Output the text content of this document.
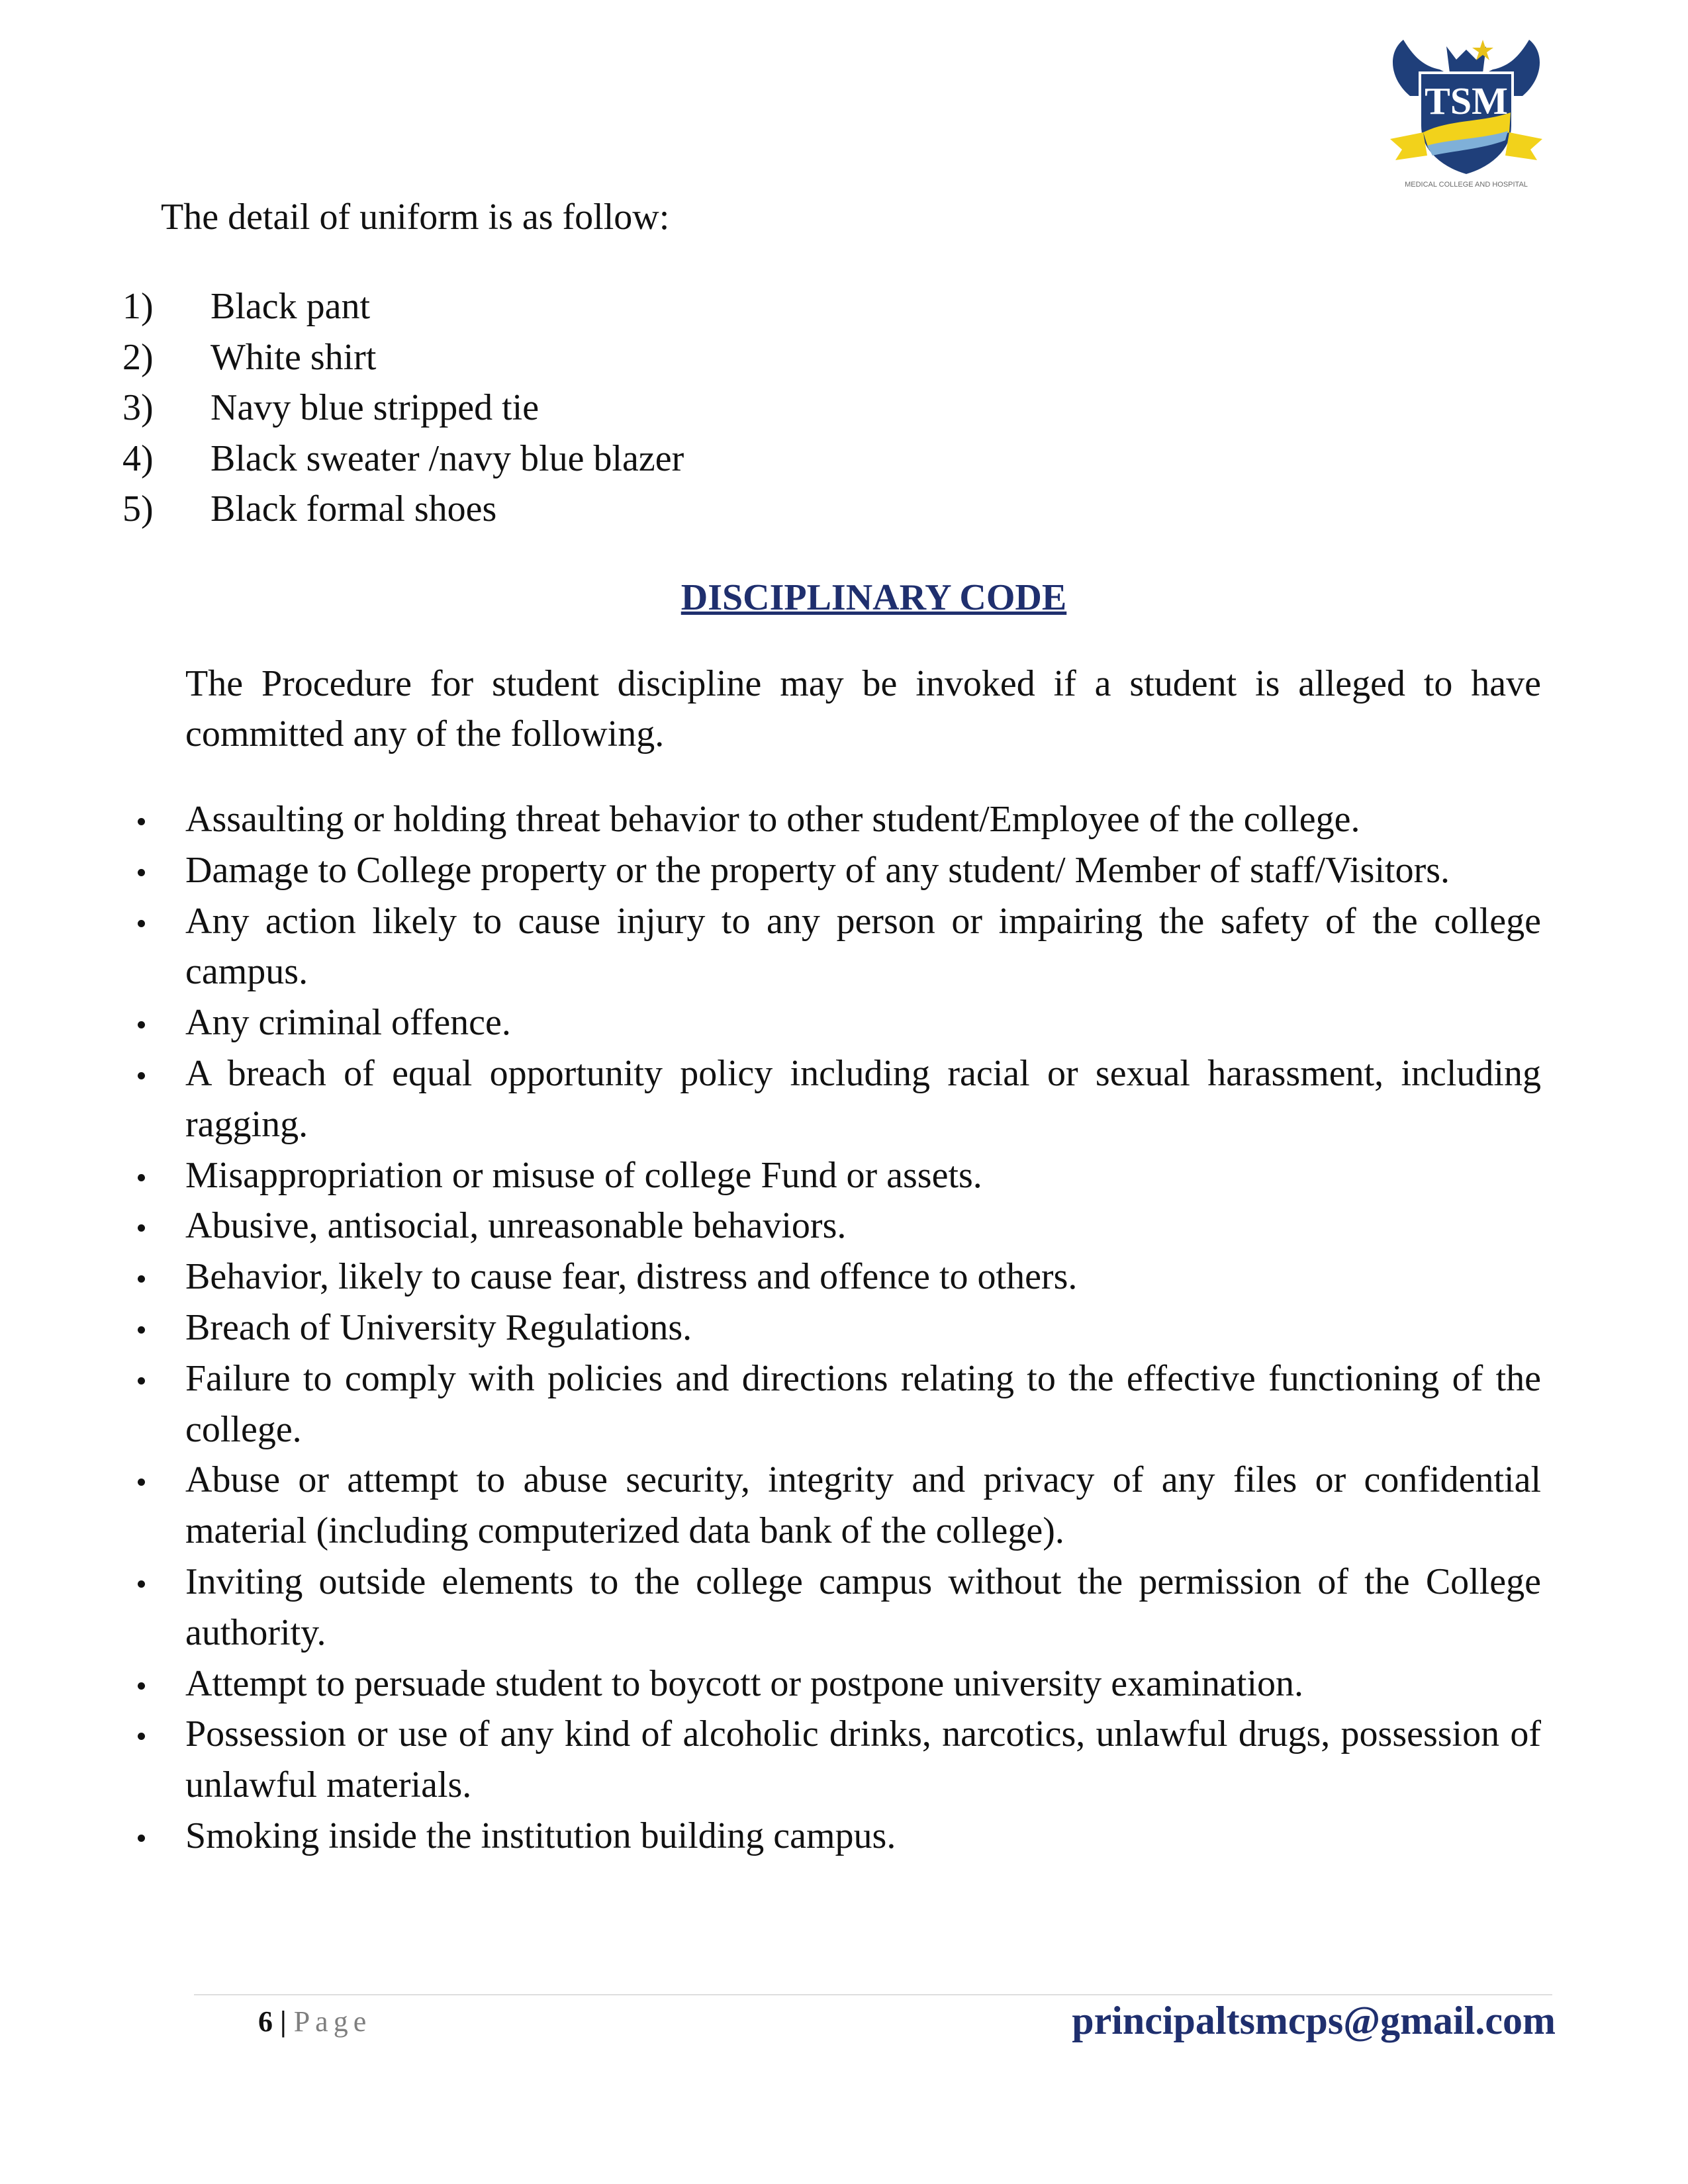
TSM
MEDICAL COLLEGE AND HOSPITAL

The detail of uniform is as follow:

1) Black pant
2) White shirt
3) Navy blue stripped tie
4) Black sweater /navy blue blazer
5) Black formal shoes
DISCIPLINARY CODE

The Procedure for student discipline may be invoked if a student is alleged to have committed any of the following.

Assaulting or holding threat behavior to other student/Employee of the college.
Damage to College property or the property of any student/ Member of staff/Visitors.
Any action likely to cause injury to any person or impairing the safety of the college campus.
Any criminal offence.
A breach of equal opportunity policy including racial or sexual harassment, including ragging.
Misappropriation or misuse of college Fund or assets.
Abusive, antisocial, unreasonable behaviors.
Behavior, likely to cause fear, distress and offence to others.
Breach of University Regulations.
Failure to comply with policies and directions relating to the effective functioning of the college.
Abuse or attempt to abuse security, integrity and privacy of any files or confidential material (including computerized data bank of the college).
Inviting outside elements to the college campus without the permission of the College authority.
Attempt to persuade student to boycott or postpone university examination.
Possession or use of any kind of alcoholic drinks, narcotics, unlawful drugs, possession of unlawful materials.
Smoking inside the institution building campus.

6 | Page	principaltsmcps@gmail.com
